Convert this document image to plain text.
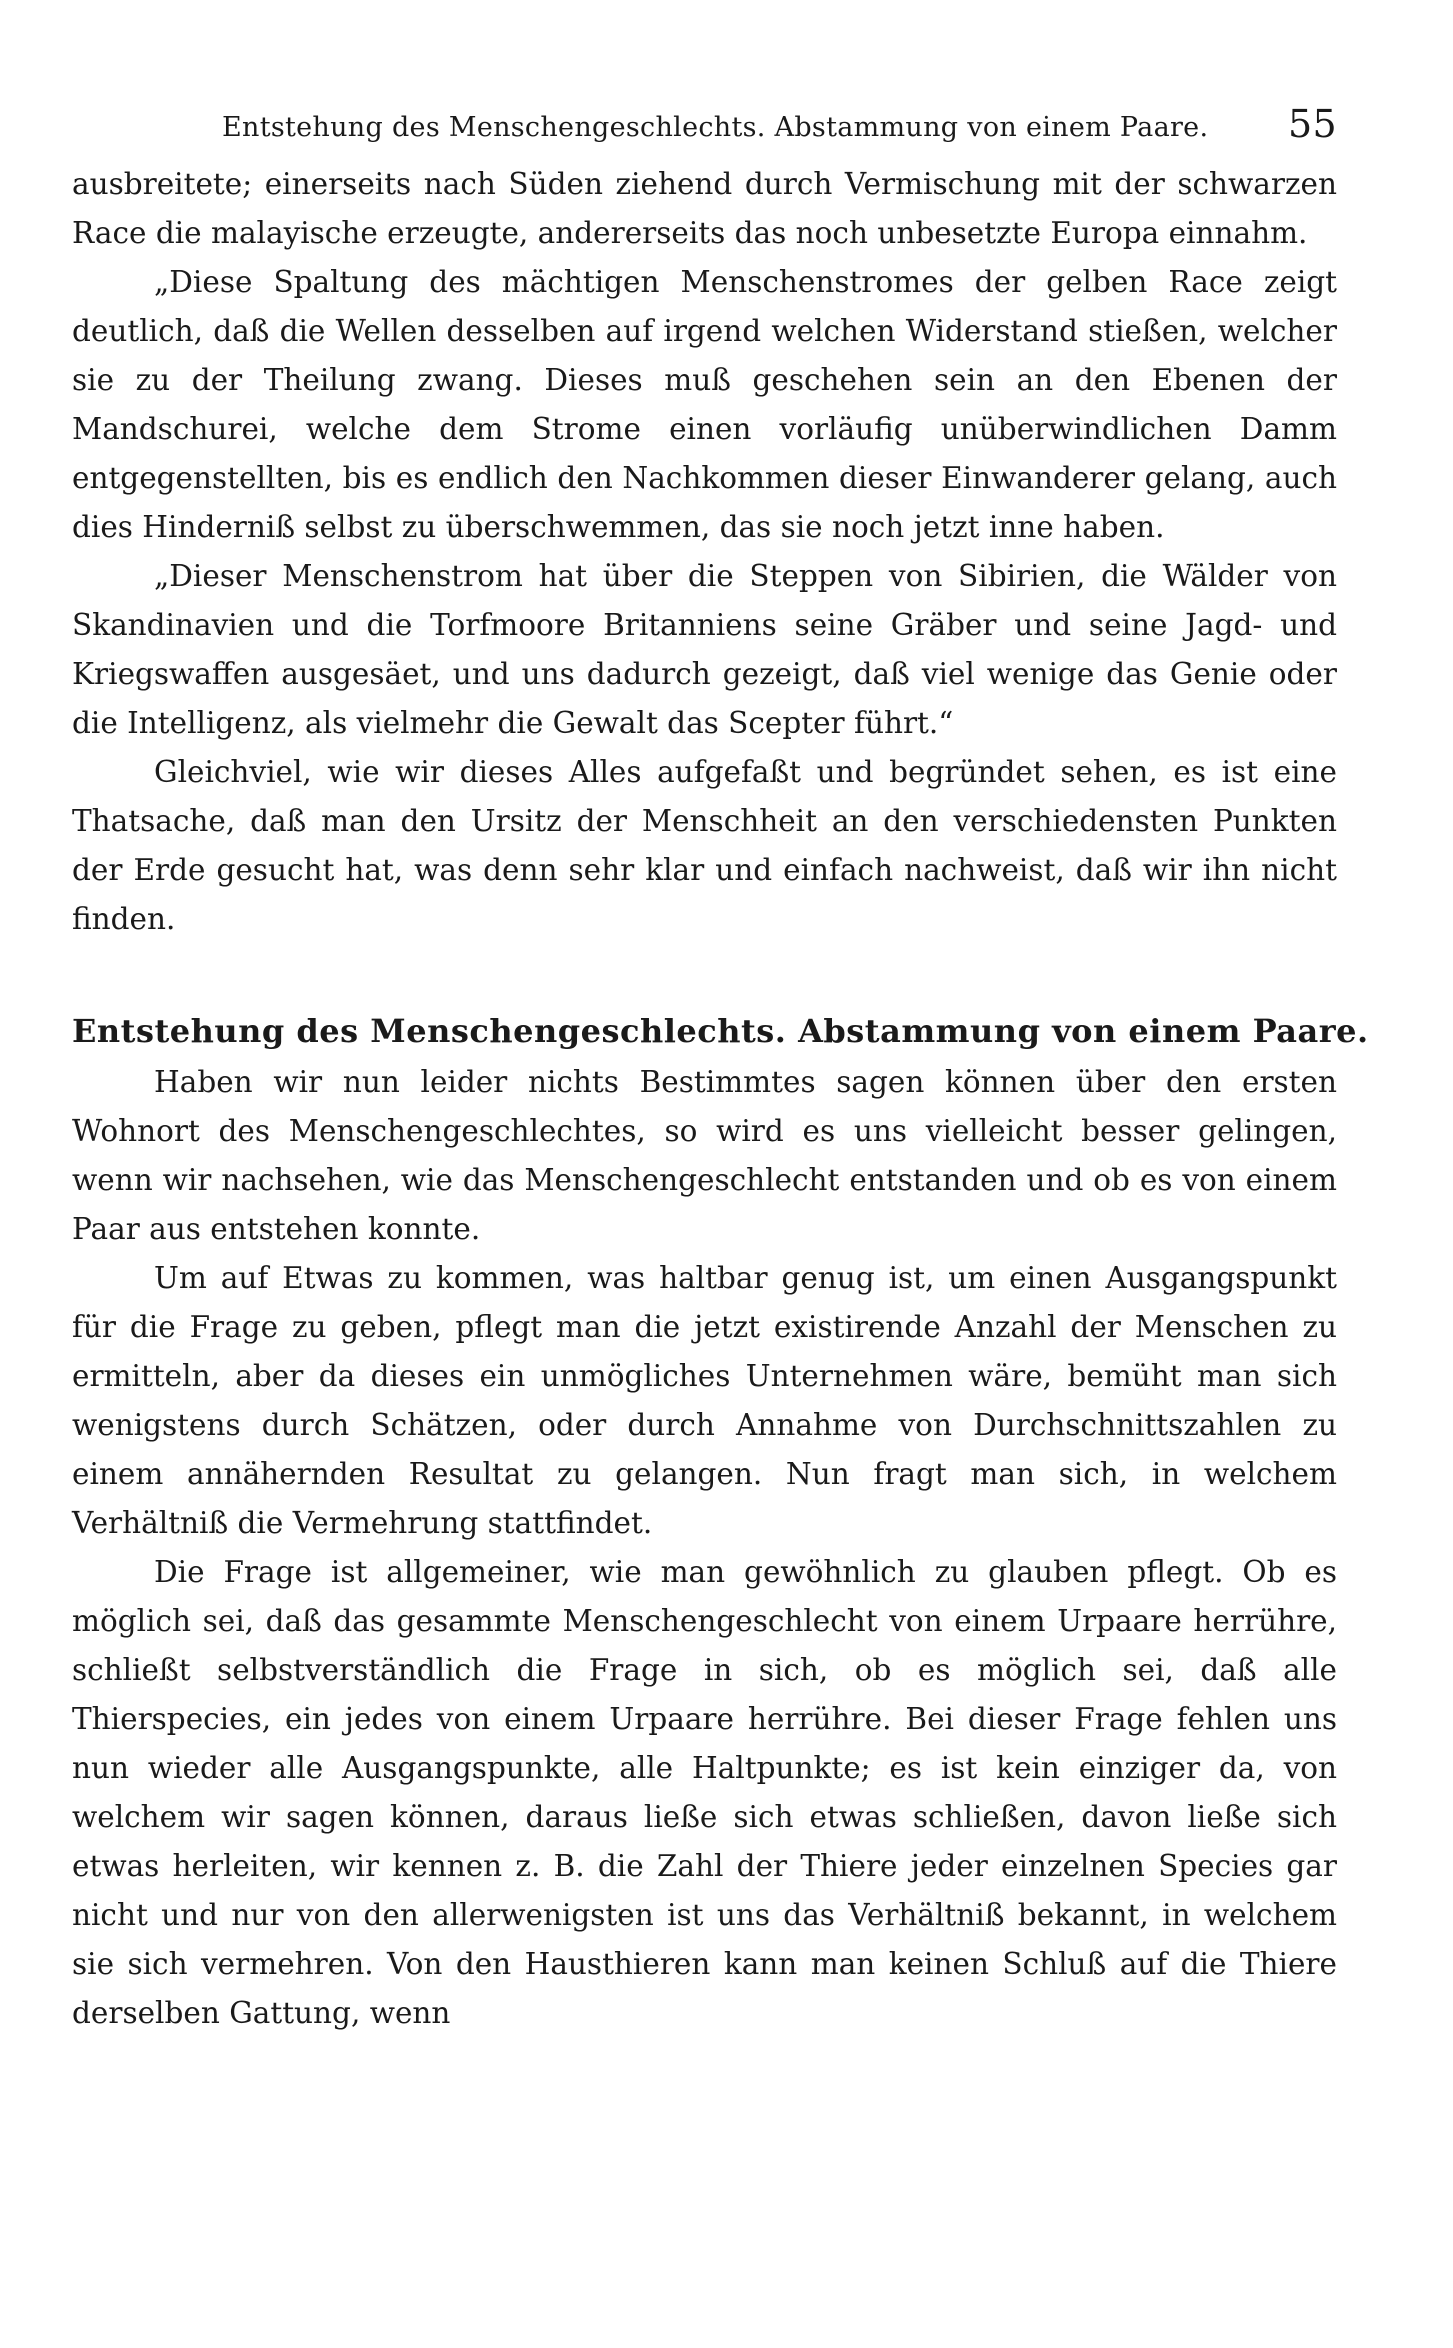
Entstehung des Menschengeschlechts. Abstammung von einem Paare. 55

ausbreitete; einerseits nach Süden ziehend durch Vermischung mit der schwarzen Race die malayische erzeugte, andererseits das noch unbesetzte Europa einnahm.

„Diese Spaltung des mächtigen Menschenstromes der gelben Race zeigt deutlich, daß die Wellen desselben auf irgend welchen Widerstand stießen, welcher sie zu der Theilung zwang. Dieses muß geschehen sein an den Ebenen der Mandschurei, welche dem Strome einen vorläufig unüberwindlichen Damm entgegenstellten, bis es endlich den Nachkommen dieser Einwanderer gelang, auch dies Hinderniß selbst zu überschwemmen, das sie noch jetzt inne haben.

„Dieser Menschenstrom hat über die Steppen von Sibirien, die Wälder von Skandinavien und die Torfmoore Britanniens seine Gräber und seine Jagd- und Kriegswaffen ausgesäet, und uns dadurch gezeigt, daß viel wenige das Genie oder die Intelligenz, als vielmehr die Gewalt das Scepter führt.“

Gleichviel, wie wir dieses Alles aufgefaßt und begründet sehen, es ist eine Thatsache, daß man den Ursitz der Menschheit an den verschiedensten Punkten der Erde gesucht hat, was denn sehr klar und einfach nachweist, daß wir ihn nicht finden.

Entstehung des Menschengeschlechts. Abstammung von einem Paare.

Haben wir nun leider nichts Bestimmtes sagen können über den ersten Wohnort des Menschengeschlechtes, so wird es uns vielleicht besser gelingen, wenn wir nachsehen, wie das Menschengeschlecht entstanden und ob es von einem Paar aus entstehen konnte.

Um auf Etwas zu kommen, was haltbar genug ist, um einen Ausgangspunkt für die Frage zu geben, pflegt man die jetzt existirende Anzahl der Menschen zu ermitteln, aber da dieses ein unmögliches Unternehmen wäre, bemüht man sich wenigstens durch Schätzen, oder durch Annahme von Durchschnittszahlen zu einem annähernden Resultat zu gelangen. Nun fragt man sich, in welchem Verhältniß die Vermehrung stattfindet.

Die Frage ist allgemeiner, wie man gewöhnlich zu glauben pflegt. Ob es möglich sei, daß das gesammte Menschengeschlecht von einem Urpaare herrühre, schließt selbstverständlich die Frage in sich, ob es möglich sei, daß alle Thierspecies, ein jedes von einem Urpaare herrühre. Bei dieser Frage fehlen uns nun wieder alle Ausgangspunkte, alle Haltpunkte; es ist kein einziger da, von welchem wir sagen können, daraus ließe sich etwas schließen, davon ließe sich etwas herleiten, wir kennen z. B. die Zahl der Thiere jeder einzelnen Species gar nicht und nur von den allerwenigsten ist uns das Verhältniß bekannt, in welchem sie sich vermehren. Von den Hausthieren kann man keinen Schluß auf die Thiere derselben Gattung, wenn
